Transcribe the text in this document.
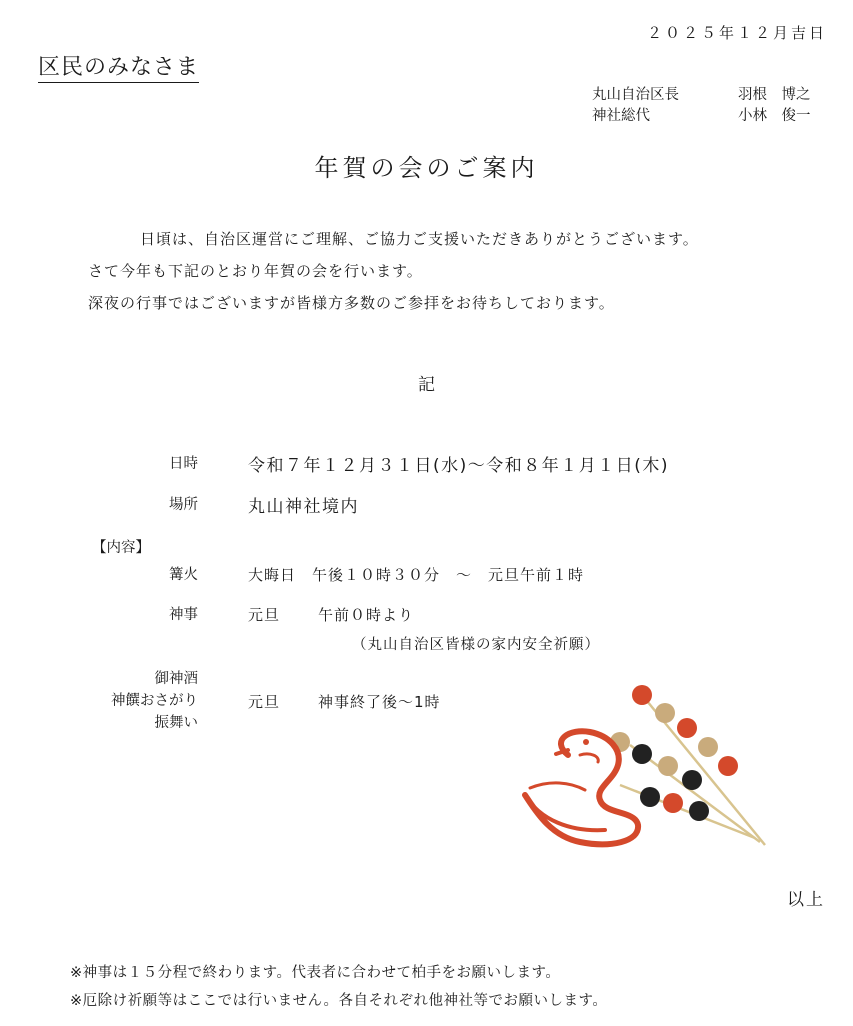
２０２５年１２月吉日
区民のみなさま
丸山自治区長	羽根　博之
神社総代	小林　俊一
年賀の会のご案内
日頃は、自治区運営にご理解、ご協力ご支援いただきありがとうございます。
さて今年も下記のとおり年賀の会を行います。
深夜の行事ではございますが皆様方多数のご参拝をお待ちしております。
記
日時	令和７年１２月３１日(水)～令和８年１月１日(木)
場所	丸山神社境内
【内容】
篝火	大晦日　午後１０時３０分　～　元旦午前１時
神事	元旦	午前０時より
（丸山自治区皆様の家内安全祈願）
御神酒
神饌おさがり
振舞い
元旦	神事終了後～1時
以上
※神事は１５分程で終わります。代表者に合わせて柏手をお願いします。
※厄除け祈願等はここでは行いません。各自それぞれ他神社等でお願いします。
